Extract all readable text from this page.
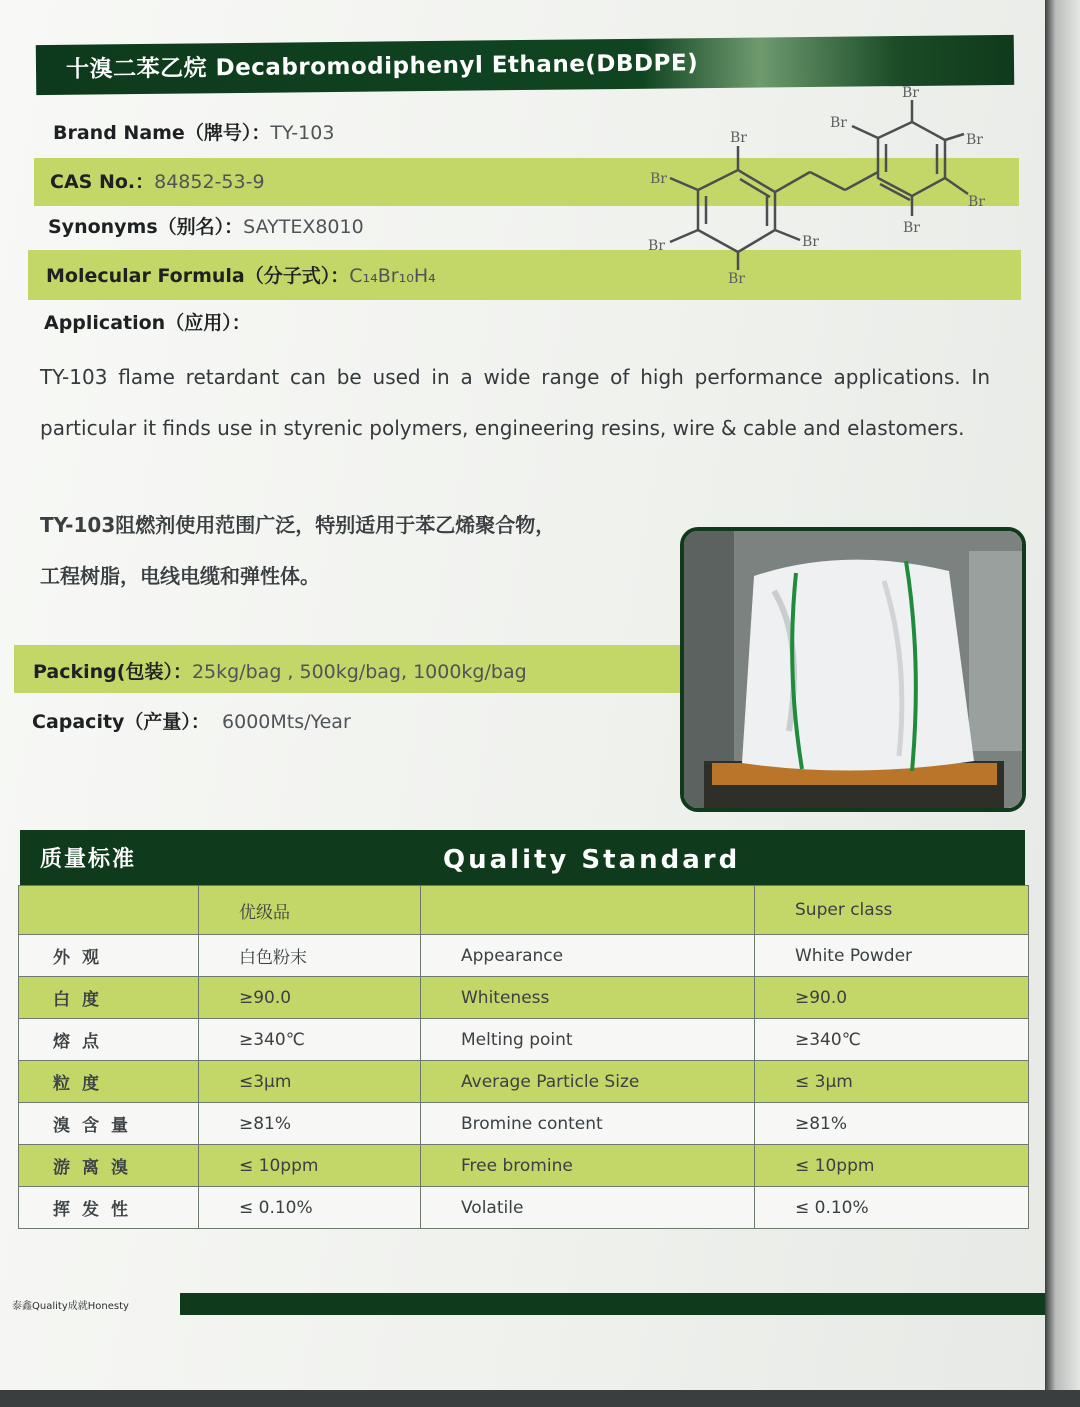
十溴二苯乙烷 Decabromodiphenyl Ethane(DBDPE)
Brand Name（牌号）：TY-103
CAS No.：84852-53-9
Synonyms（别名）：SAYTEX8010
Molecular Formula（分子式）：C₁₄Br₁₀H₄
Br
Br
Br
Br
Br
Br
Br
Br
Br
Br
Application（应用）：
TY-103 flame retardant can be used in a wide range of high performance applications. In particular it finds use in styrenic polymers, engineering resins, wire & cable and elastomers.
TY-103阻燃剂使用范围广泛，特别适用于苯乙烯聚合物，
工程树脂，电线电缆和弹性体。
Packing(包装）：25kg/bag , 500kg/bag, 1000kg/bag
Capacity（产量）： 6000Mts/Year
质量标准	Quality Standard
	优级品		Super class
外观	白色粉末	Appearance	White Powder
白度	≥90.0	Whiteness	≥90.0
熔点	≥340℃	Melting point	≥340℃
粒度	≤3μm	Average Particle Size	≤ 3μm
溴含量	≥81%	Bromine content	≥81%
游离溴	≤ 10ppm	Free bromine	≤ 10ppm
挥发性	≤ 0.10%	Volatile	≤ 0.10%
泰鑫Quality成就Honesty
